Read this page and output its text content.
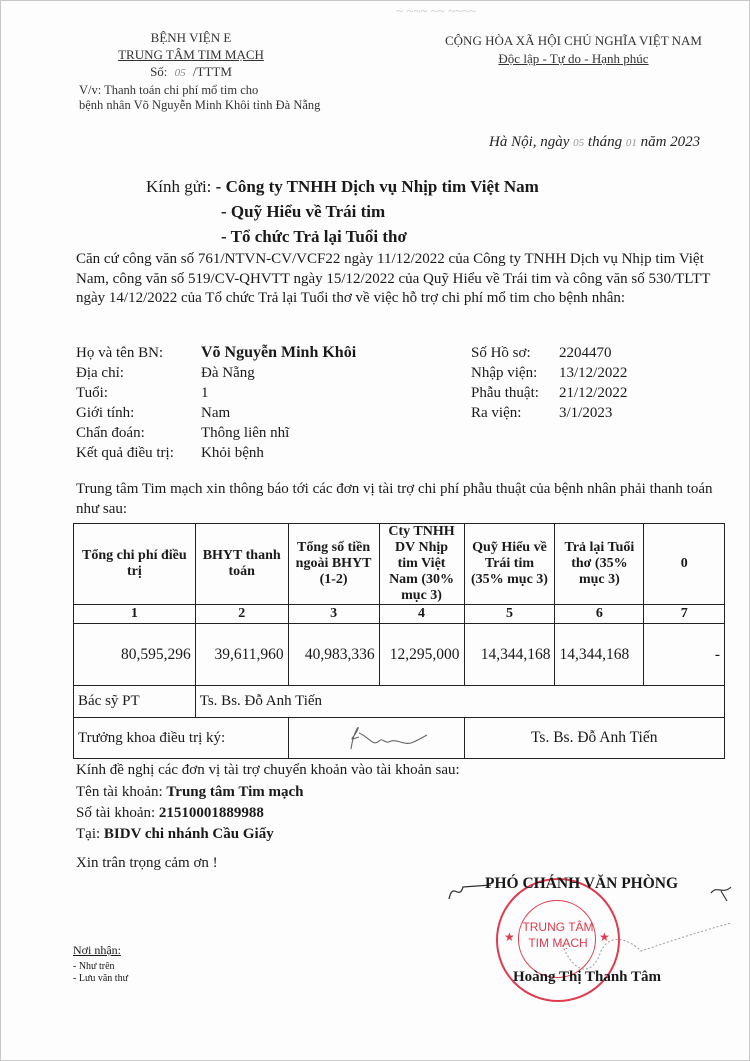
~ ~~~ ~~ ~~~~
BỆNH VIỆN E
TRUNG TÂM TIM MẠCH
Số: 05 /TTTM
V/v: Thanh toán chi phí mổ tim cho
bệnh nhân Võ Nguyễn Minh Khôi tỉnh Đà Nẵng
CỘNG HÒA XÃ HỘI CHỦ NGHĨA VIỆT NAM
Độc lập - Tự do - Hạnh phúc
Hà Nội, ngày 05 tháng 01 năm 2023
Kính gửi: - Công ty TNHH Dịch vụ Nhịp tim Việt Nam
- Quỹ Hiểu về Trái tim
- Tổ chức Trả lại Tuổi thơ
Căn cứ công văn số 761/NTVN-CV/VCF22 ngày 11/12/2022 của Công ty TNHH Dịch vụ Nhịp tim Việt Nam, công văn số 519/CV-QHVTT ngày 15/12/2022 của Quỹ Hiểu về Trái tim và công văn số 530/TLTT ngày 14/12/2022 của Tổ chức Trả lại Tuổi thơ về việc hỗ trợ chi phí mổ tim cho bệnh nhân:
Họ và tên BN:	Võ Nguyễn Minh Khôi
Địa chỉ:	Đà Nẵng
Tuổi:	1
Giới tính:	Nam
Chẩn đoán:	Thông liên nhĩ
Kết quả điều trị:	Khỏi bệnh
Số Hồ sơ:	2204470
Nhập viện:	13/12/2022
Phẫu thuật:	21/12/2022
Ra viện:	3/1/2023
Trung tâm Tim mạch xin thông báo tới các đơn vị tài trợ chi phí phẫu thuật của bệnh nhân phải thanh toán như sau:
Tổng chi phí điều trị	BHYT thanh toán	Tổng số tiền ngoài BHYT (1-2)	Cty TNHH DV Nhịp tim Việt Nam (30% mục 3)	Quỹ Hiểu về Trái tim (35% mục 3)	Trả lại Tuổi thơ (35% mục 3)	0
1	2	3	4	5	6	7
80,595,296	39,611,960	40,983,336	12,295,000	14,344,168	14,344,168	-
Bác sỹ PT	Ts. Bs. Đỗ Anh Tiến					
Trưởng khoa điều trị ký:				Ts. Bs. Đỗ Anh Tiến		
Kính đề nghị các đơn vị tài trợ chuyển khoản vào tài khoản sau:
Tên tài khoản: Trung tâm Tim mạch
Số tài khoản: 21510001889988
Tại: BIDV chi nhánh Cầu Giấy
Xin trân trọng cảm ơn !
TRUNG TÂM
TIM MẠCH
★	★
PHÓ CHÁNH VĂN PHÒNG
Hoàng Thị Thanh Tâm
Nơi nhận:
- Như trên
- Lưu văn thư
